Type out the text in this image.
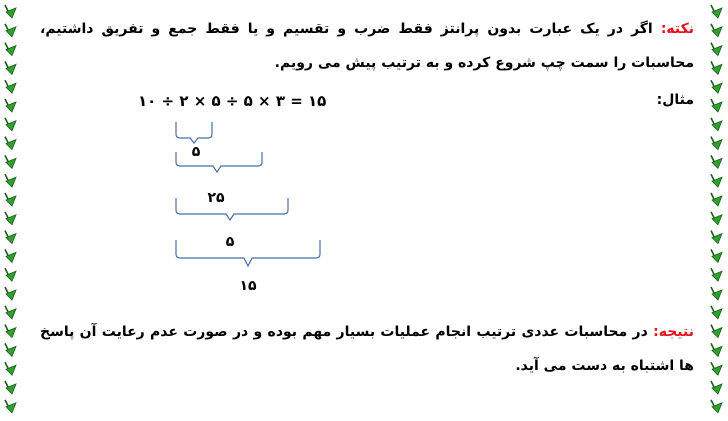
نکته: اگر در یک عبارت بدون پرانتز فقط ضرب و تقسیم و یا فقط جمع و تفریق داشتیم، محاسبات را سمت چپ شروع کرده و به ترتیب پیش می رویم.
مثال:
۱۰ ÷ ۲ × ۵ ÷ ۵ × ۳ = ۱۵
۵
۲۵
۵
۱۵
نتیجه: در محاسبات عددی ترتیب انجام عملیات بسیار مهم بوده و در صورت عدم رعایت آن پاسخ ها اشتباه به دست می آید.
